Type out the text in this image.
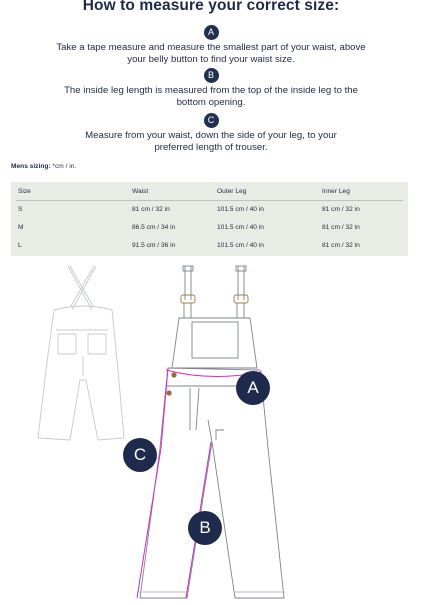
How to measure your correct size:
A
Take a tape measure and measure the smallest part of your waist, above
your belly button to find your waist size.
B
The inside leg length is measured from the top of the inside leg to the
bottom opening.
C
Measure from your waist, down the side of your leg, to your
preferred length of trouser.
Mens sizing: *cm / in.
Size	Waist	Outer Leg	Inner Leg
S	81 cm / 32 in	101.5 cm / 40 in	81 cm / 32 in
M	86.5 cm / 34 in	101.5 cm / 40 in	81 cm / 32 in
L	91.5 cm / 36 in	101.5 cm / 40 in	81 cm / 32 in
A
B
C
